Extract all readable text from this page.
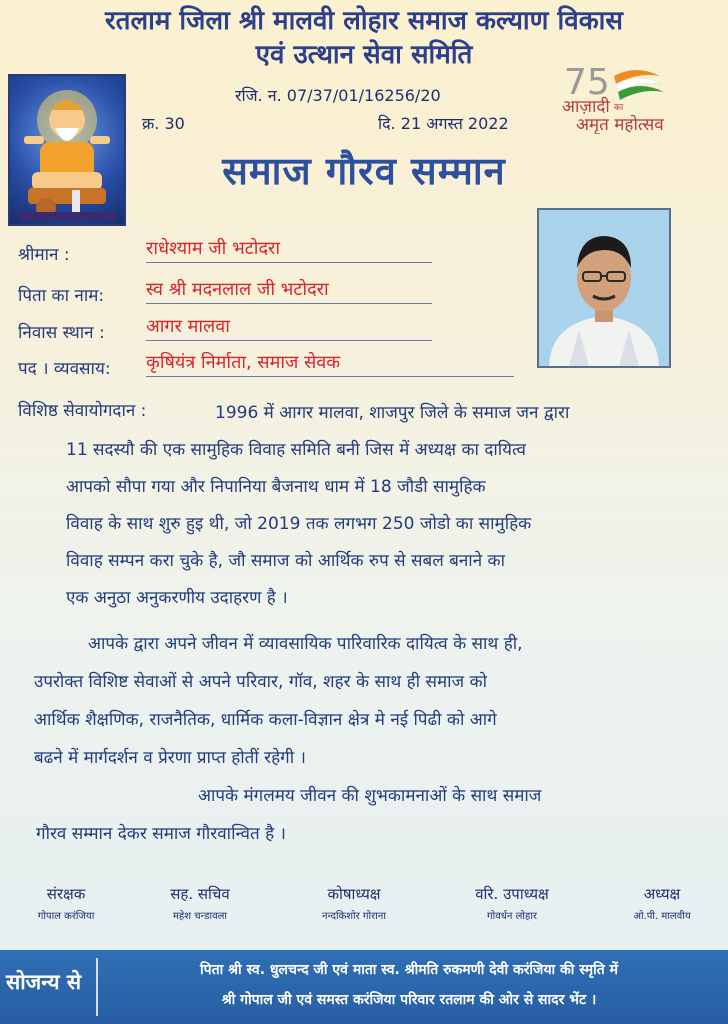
रतलाम जिला श्री मालवी लोहार समाज कल्याण विकास
एवं उत्थान सेवा समिति
रजि. न. 07/37/01/16256/20
क्र. 30	दि. 21 अगस्त 2022
75
आज़ादी का
अमृत महोत्सव
समाज गौरव सम्मान
श्रीमान :	राधेश्याम जी भटोदरा
पिता का नाम: स्व श्री मदनलाल जी भटोदरा
निवास स्थान : आगर मालवा
पद । व्यवसाय: कृषियंत्र निर्माता, समाज सेवक
विशिष्ठ सेवायोगदान :	1996 में आगर मालवा, शाजपुर जिले के समाज जन द्वारा
11 सदस्यौ की एक सामुहिक विवाह समिति बनी जिस में अध्यक्ष का दायित्व
आपको सौपा गया और निपानिया बैजनाथ धाम में 18 जौडी सामुहिक
विवाह के साथ शुरु हुइ थी, जो 2019 तक लगभग 250 जोडो का सामुहिक
विवाह सम्पन करा चुके है, जौ समाज को आर्थिक रुप से सबल बनाने का
एक अनुठा अनुकरणीय उदाहरण है ।
आपके द्वारा अपने जीवन में व्यावसायिक पारिवारिक दायित्व के साथ ही,
उपरोक्त विशिष्ट सेवाओं से अपने परिवार, गॉव, शहर के साथ ही समाज को
आर्थिक शैक्षणिक, राजनैतिक, धार्मिक कला-विज्ञान क्षेत्र मे नई पिढी को आगे
बढने में मार्गदर्शन व प्रेरणा प्राप्त होतीं रहेगी ।
आपके मंगलमय जीवन की शुभकामनाओं के साथ समाज
गौरव सम्मान देकर समाज गौरवान्वित है ।
संरक्षक
गोपाल करंजिया
सह. सचिव
महेश चन्डावला
कोषाध्यक्ष
नन्दकिशोर गोराना
वरि. उपाध्यक्ष
गोवर्धन लोहार
अध्यक्ष
ओ.पी. मालवीय
सोजन्य से	पिता श्री स्व. धुलचन्द जी एवं माता स्व. श्रीमति रुकमणी देवी करंजिया की स्मृति में
श्री गोपाल जी एवं समस्त करंजिया परिवार रतलाम की ओर से सादर भेंट ।
